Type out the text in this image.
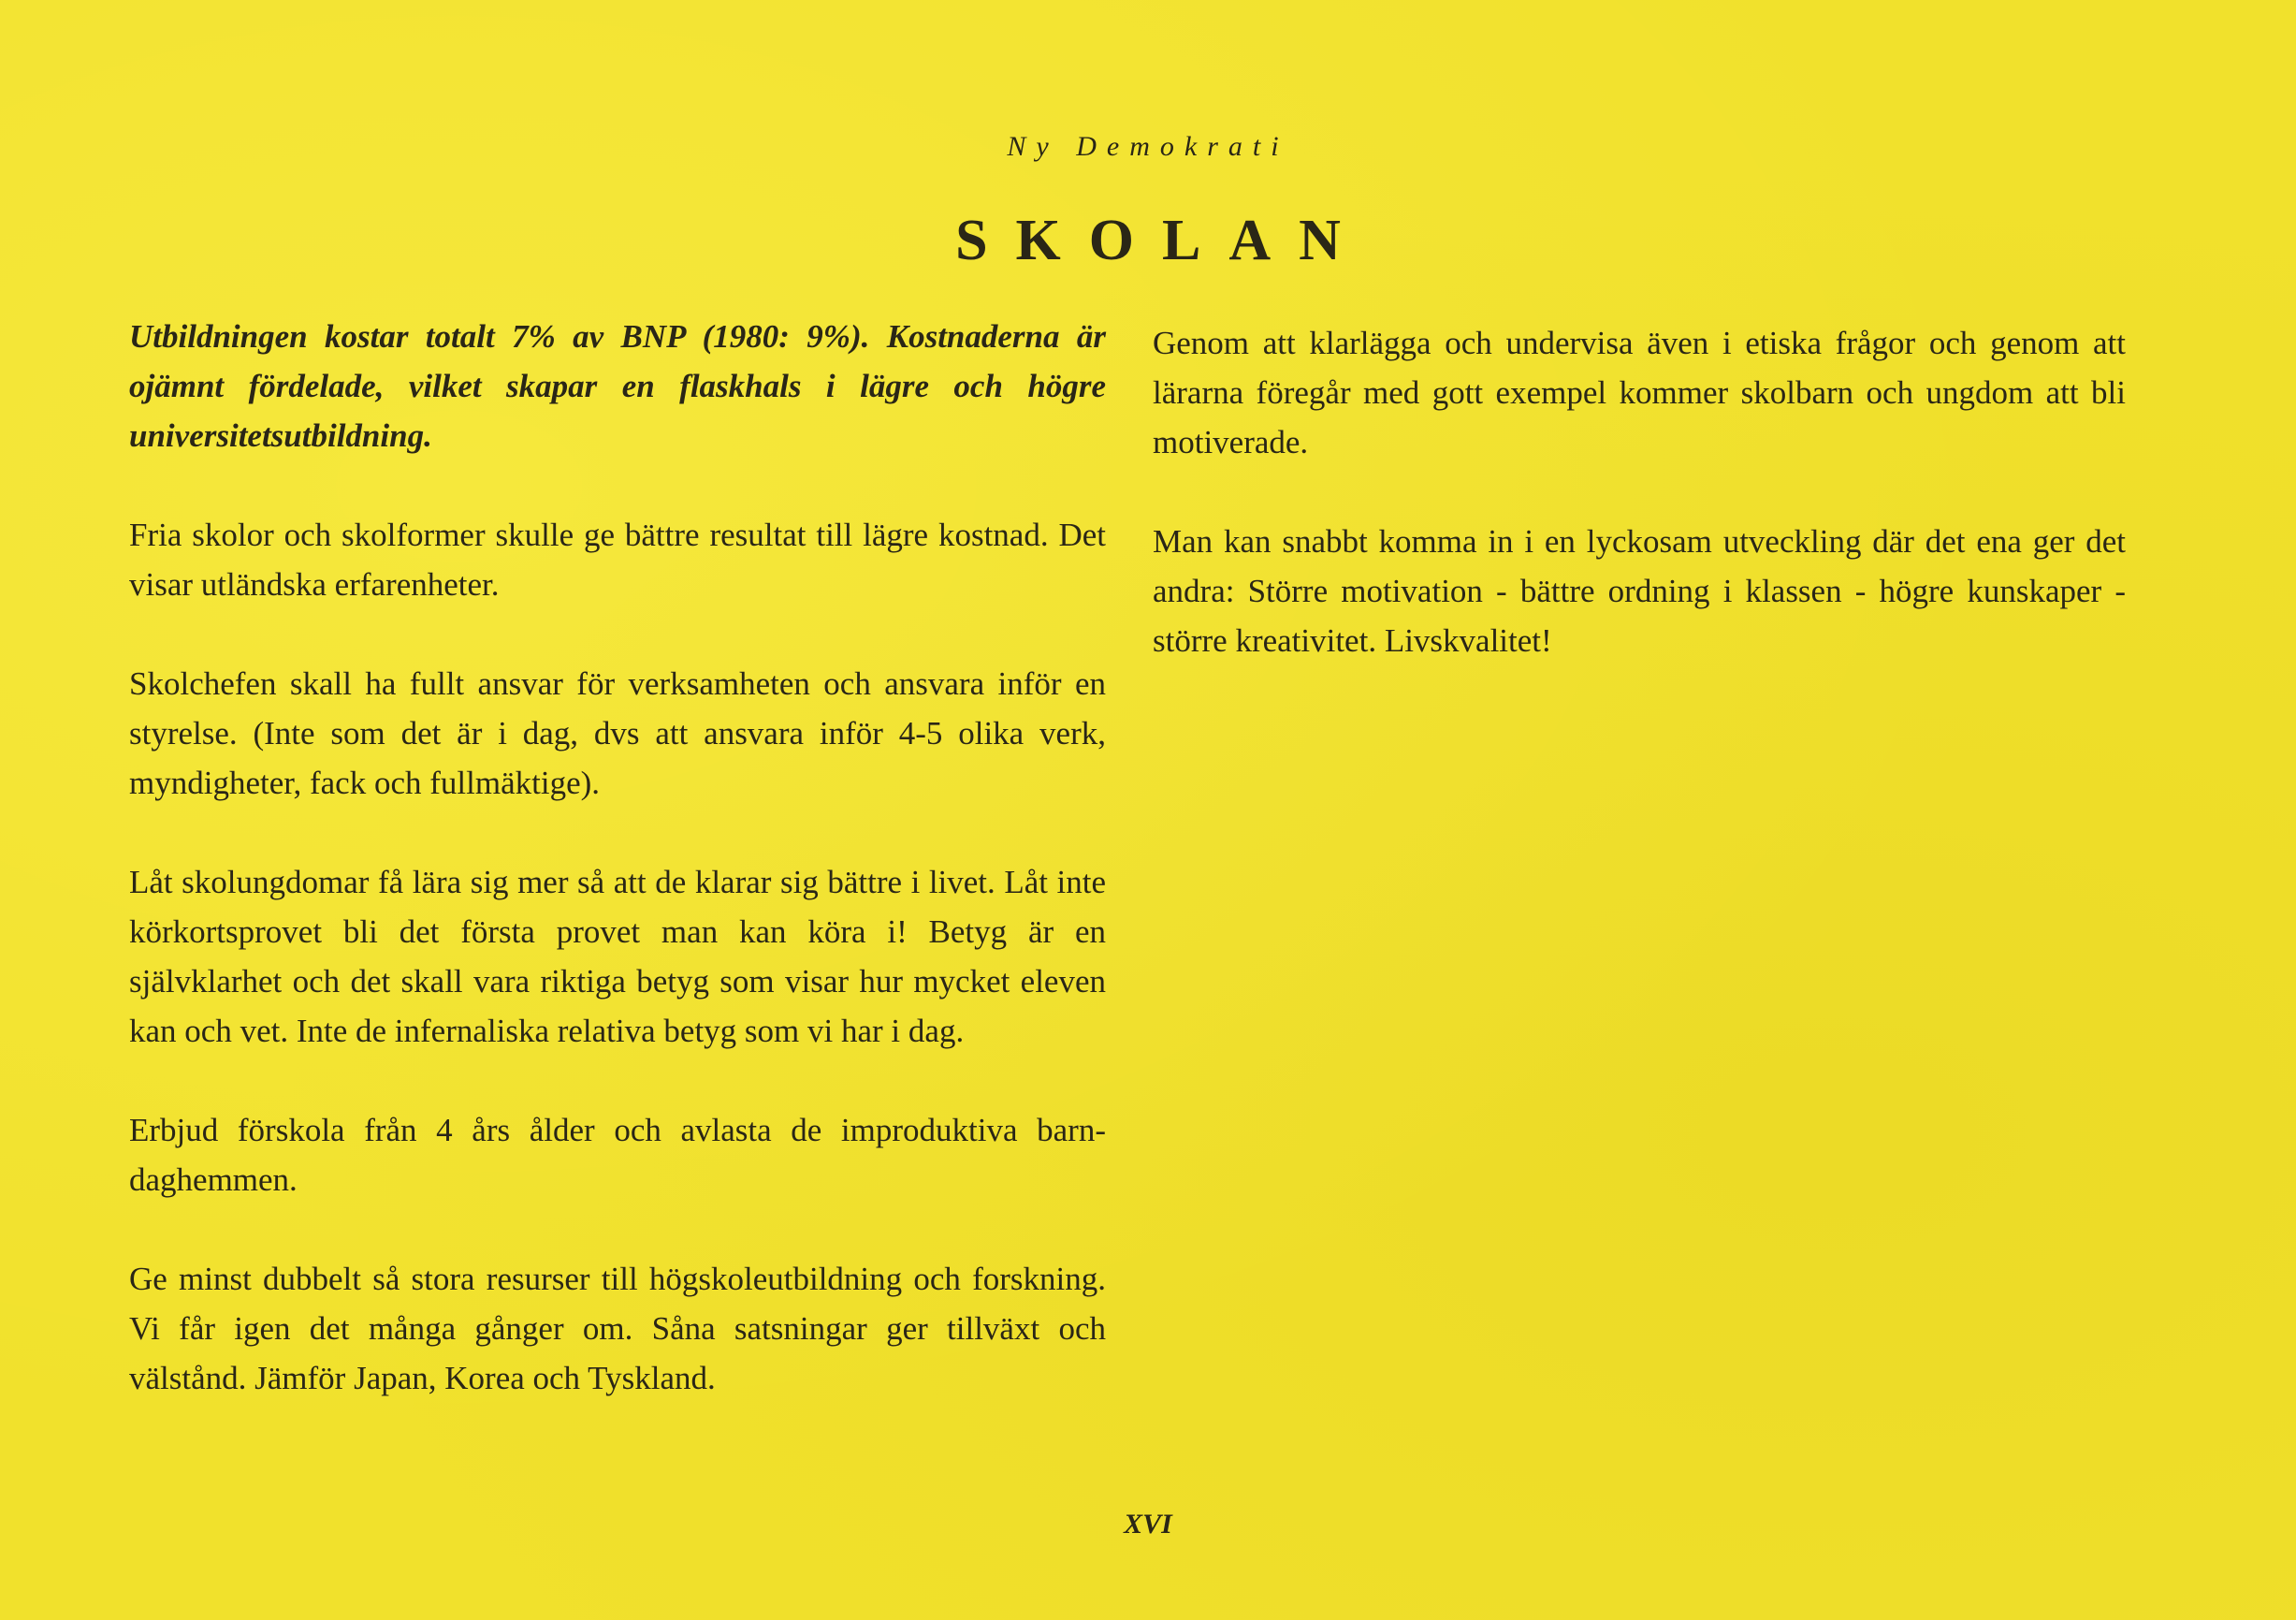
Ny Demokrati
SKOLAN

Utbildningen kostar totalt 7% av BNP (1980: 9%). Kostnaderna är ojämnt fördelade, vilket skapar en flaskhals i lägre och högre universitetsutbildning.

Fria skolor och skolformer skulle ge bättre resultat till lägre kostnad. Det visar utländska erfarenheter.

Skolchefen skall ha fullt ansvar för verksamheten och ansvara inför en styrelse. (Inte som det är i dag, dvs att ansvara inför 4-5 olika verk, myndigheter, fack och fullmäktige).

Låt skolungdomar få lära sig mer så att de klarar sig bättre i livet. Låt inte körkortsprovet bli det första provet man kan köra i! Betyg är en självklarhet och det skall vara riktiga betyg som visar hur mycket eleven kan och vet. Inte de infernaliska relativa betyg som vi har i dag.

Erbjud förskola från 4 års ålder och avlasta de improduktiva barn-daghemmen.

Ge minst dubbelt så stora resurser till högskoleutbildning och forskning. Vi får igen det många gånger om. Såna satsningar ger tillväxt och välstånd. Jämför Japan, Korea och Tyskland.

Genom att klarlägga och undervisa även i etiska frågor och genom att lärarna föregår med gott exempel kommer skolbarn och ungdom att bli motiverade.

Man kan snabbt komma in i en lyckosam utveckling där det ena ger det andra: Större motivation - bättre ordning i klassen - högre kunskaper - större kreativitet. Livskvalitet!

XVI
